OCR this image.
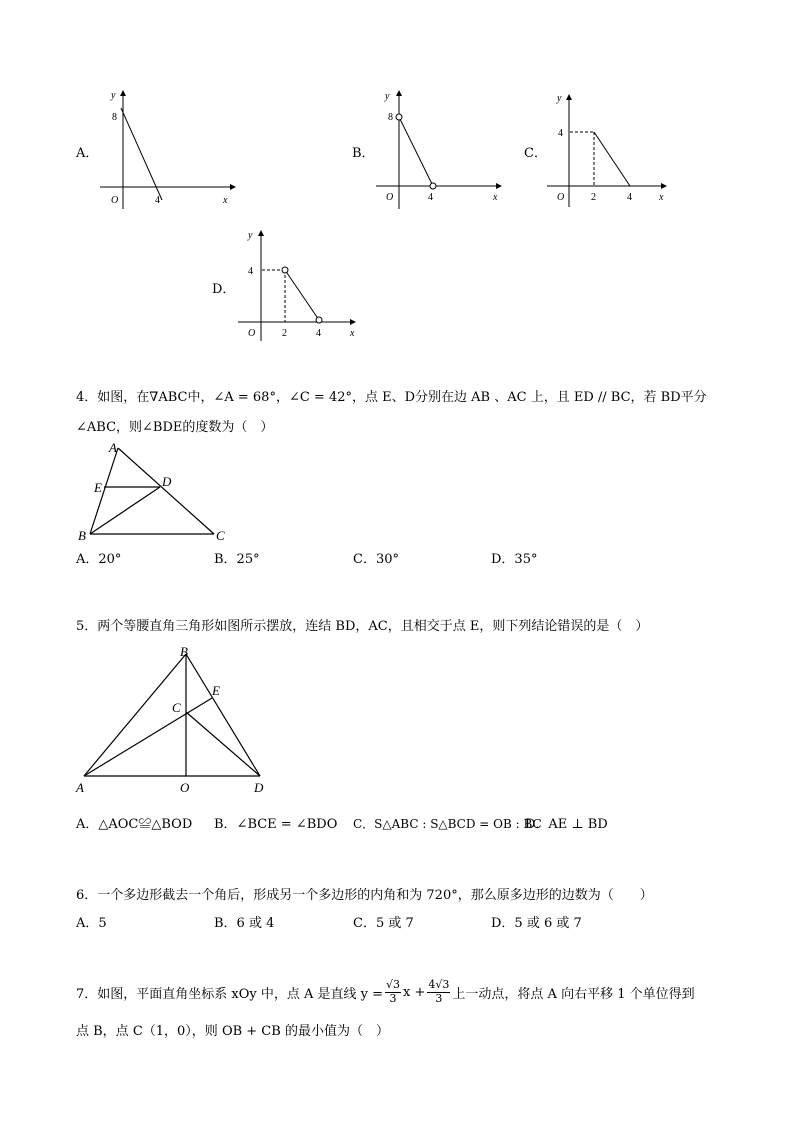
A．
y
8
O	4	x
B．
y
8
O	4	x
C．
y
4
O	2	4	x
D．
y
4
O	2	4	x
4．如图，在∇ABC中，∠A = 68°，∠C = 42°，点 E、D分别在边 AB 、AC 上，且 ED // BC，若 BD平分
∠ABC，则∠BDE的度数为（　）
A
E	D
B	C
A．20°	B．25°	C．30°	D．35°
5．两个等腰直角三角形如图所示摆放，连结 BD，AC，且相交于点 E，则下列结论错误的是（　）
B
E
C
A	O	D
A．△AOC≌△BOD B．∠BCE = ∠BDO C．S△ABC : S△BCD = OB : BC
D．AE ⊥ BD
6．一个多边形截去一个角后，形成另一个多边形的内角和为 720°，那么原多边形的边数为（　　）
A．5	B．6 或 4	C．5 或 7	D．5 或 6 或 7
7．如图，平面直角坐标系 xOy 中，点 A 是直线 $y = \frac{√3}{3}$ $x + \frac{4√3}{3}$ 上一动点，将点 A 向右平移 1 个单位得到
点 B，点 C（1，0），则 OB + CB 的最小值为（　）
